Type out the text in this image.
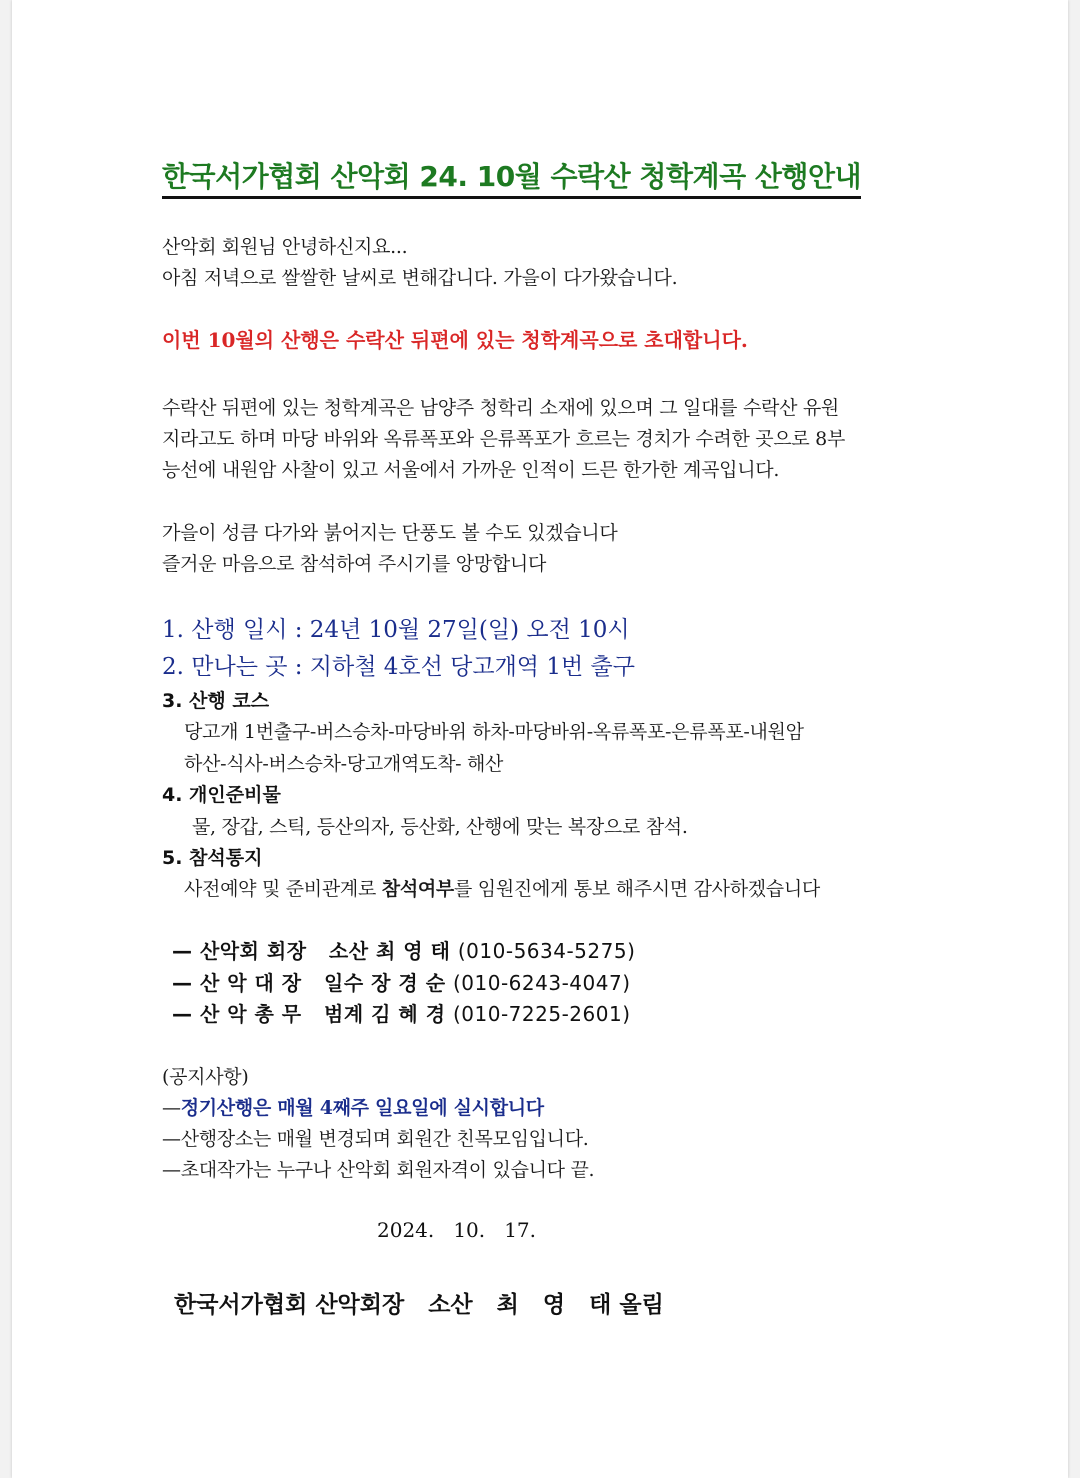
한국서가협회 산악회 24. 10월 수락산 청학계곡 산행안내
산악회 회원님 안녕하신지요...
아침 저녁으로 쌀쌀한 날씨로 변해갑니다. 가을이 다가왔습니다.
이번 10월의 산행은 수락산 뒤편에 있는 청학계곡으로 초대합니다.
수락산 뒤편에 있는 청학계곡은 남양주 청학리 소재에 있으며 그 일대를 수락산 유원
지라고도 하며 마당 바위와 옥류폭포와 은류폭포가 흐르는 경치가 수려한 곳으로 8부
능선에 내원암 사찰이 있고 서울에서 가까운 인적이 드믄 한가한 계곡입니다.
가을이 성큼 다가와 붉어지는 단풍도 볼 수도 있겠습니다
즐거운 마음으로 참석하여 주시기를 앙망합니다
1. 산행 일시 : 24년 10월 27일(일) 오전 10시
2. 만나는 곳 : 지하철 4호선 당고개역 1번 출구
3. 산행 코스
당고개 1번출구-버스승차-마당바위 하차-마당바위-옥류폭포-은류폭포-내원암
하산-식사-버스승차-당고개역도착- 해산
4. 개인준비물
물, 장갑, 스틱, 등산의자, 등산화, 산행에 맞는 복장으로 참석.
5. 참석통지
사전예약 및 준비관계로 참석여부를 임원진에게 통보 해주시면 감사하겠습니다
— 산악회 회장   소산 최 영 태 (010-5634-5275)
— 산 악 대 장   일수 장 경 순 (010-6243-4047)
— 산 악 총 무   범계 김 혜 경 (010-7225-2601)
(공지사항)
—정기산행은 매월 4째주 일요일에 실시합니다
—산행장소는 매월 변경되며 회원간 친목모임입니다.
—초대작가는 누구나 산악회 회원자격이 있습니다 끝.
2024.   10.   17.
한국서가협회 산악회장   소산   최   영   태 올림
